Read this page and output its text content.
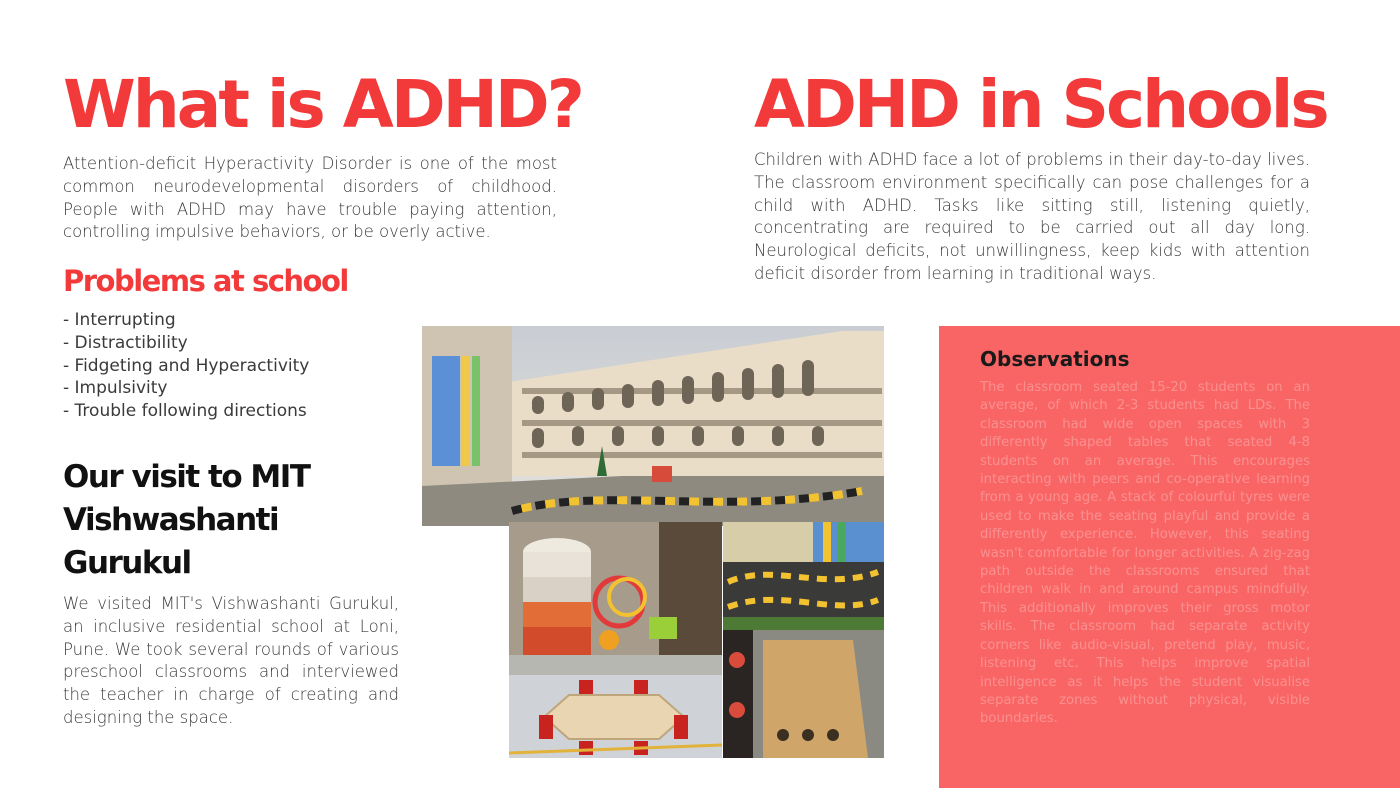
What is ADHD?

Attention-deficit Hyperactivity Disorder is one of the most common neurodevelopmental disorders of childhood. People with ADHD may have trouble paying attention, controlling impulsive behaviors, or be overly active.

Problems at school
- Interrupting
- Distractibility
- Fidgeting and Hyperactivity
- Impulsivity
- Trouble following directions
Our visit to MIT
Vishwashanti
Gurukul

We visited MIT's Vishwashanti Gurukul, an inclusive residential school at Loni, Pune. We took several rounds of various preschool classrooms and interviewed the teacher in charge of creating and designing the space.

ADHD in Schools

Children with ADHD face a lot of problems in their day-to-day lives. The classroom environment specifically can pose challenges for a child with ADHD. Tasks like sitting still, listening quietly, concentrating are required to be carried out all day long. Neurological deficits, not unwillingness, keep kids with attention deficit disorder from learning in traditional ways.

Observations

The classroom seated 15-20 students on an average, of which 2-3 students had LDs. The classroom had wide open spaces with 3 differently shaped tables that seated 4-8 students on an average. This encourages interacting with peers and co-operative learning from a young age. A stack of colourful tyres were used to make the seating playful and provide a differently experience. However, this seating wasn't comfortable for longer activities. A zig-zag path outside the classrooms ensured that children walk in and around campus mindfully. This additionally improves their gross motor skills. The classroom had separate activity corners like audio-visual, pretend play, music, listening etc. This helps improve spatial intelligence as it helps the student visualise separate zones without physical, visible boundaries.
